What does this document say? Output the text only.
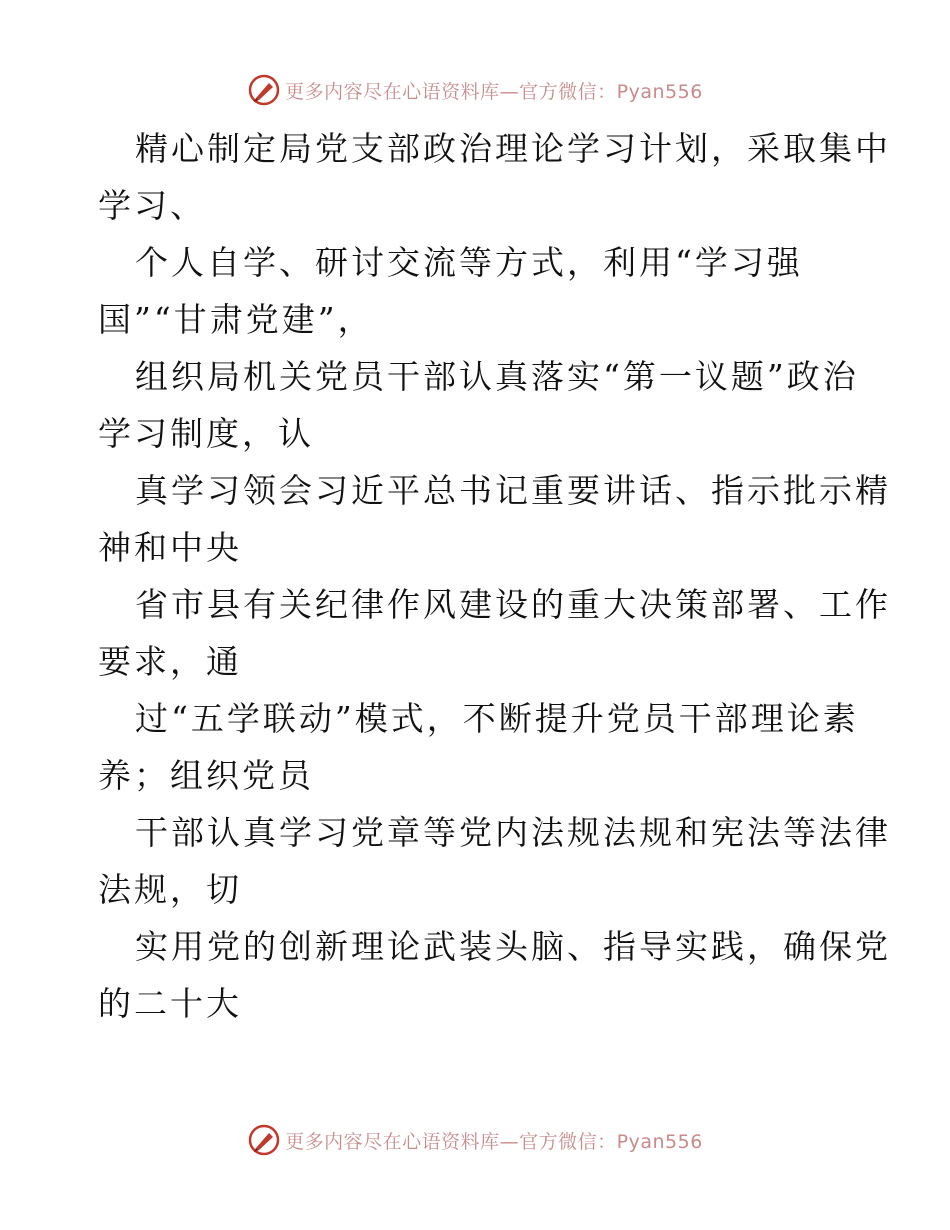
更多内容尽在心语资料库—官方微信：Pyan556
精心制定局党支部政治理论学习计划，采取集中
学习、
个人自学、研讨交流等方式，利用“学习强
国”“甘肃党建”，
组织局机关党员干部认真落实“第一议题”政治
学习制度，认
真学习领会习近平总书记重要讲话、指示批示精
神和中央
省市县有关纪律作风建设的重大决策部署、工作
要求，通
过“五学联动”模式，不断提升党员干部理论素
养；组织党员
干部认真学习党章等党内法规法规和宪法等法律
法规，切
实用党的创新理论武装头脑、指导实践，确保党
的二十大
更多内容尽在心语资料库—官方微信：Pyan556
